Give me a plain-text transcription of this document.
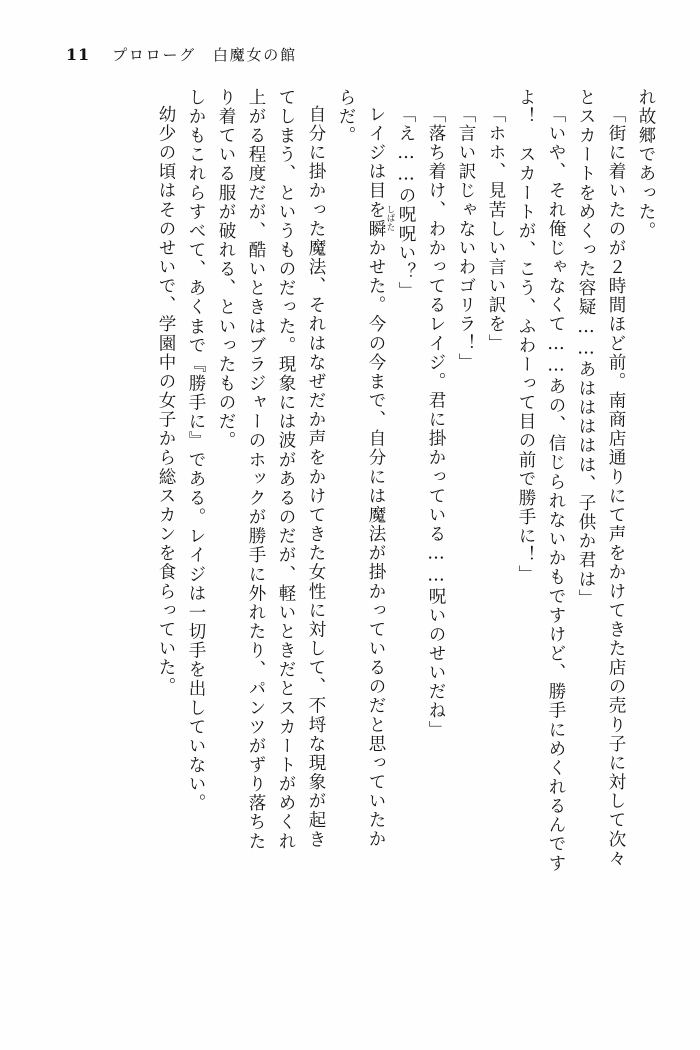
11 プロローグ　白魔女の館
れ故郷であった。
「街に着いたのが２時間ほど前。南商店通りにて声をかけてきた店の売り子に対して次々
とスカートをめくった容疑……あははははは、子供か君は」
「いや、それ俺じゃなくて……あの、信じられないかもですけど、勝手にめくれるんです
よ！　スカートが、こう、ふわーって目の前で勝手に！」
「ホホ、見苦しい言い訳を」
「言い訳じゃないわゴリラ！」
「落ち着け、わかってるレイジ。君に掛かっている……呪いのせいだね」
「え……の呪
しばた
呪い？」
レイジは目を瞬かせた。今の今まで、自分には魔法が掛かっているのだと思っていたか
らだ。
自分に掛かった魔法、それはなぜだか声をかけてきた女性に対して、不埒な現象が起き
てしまう、というものだった。現象には波があるのだが、軽いときだとスカートがめくれ
上がる程度だが、酷いときはブラジャーのホックが勝手に外れたり、パンツがずり落ちた
り着ている服が破れる、といったものだ。
しかもこれらすべて、あくまで『勝手に』である。レイジは一切手を出していない。
幼少の頃はそのせいで、学園中の女子から総スカンを食らっていた。
